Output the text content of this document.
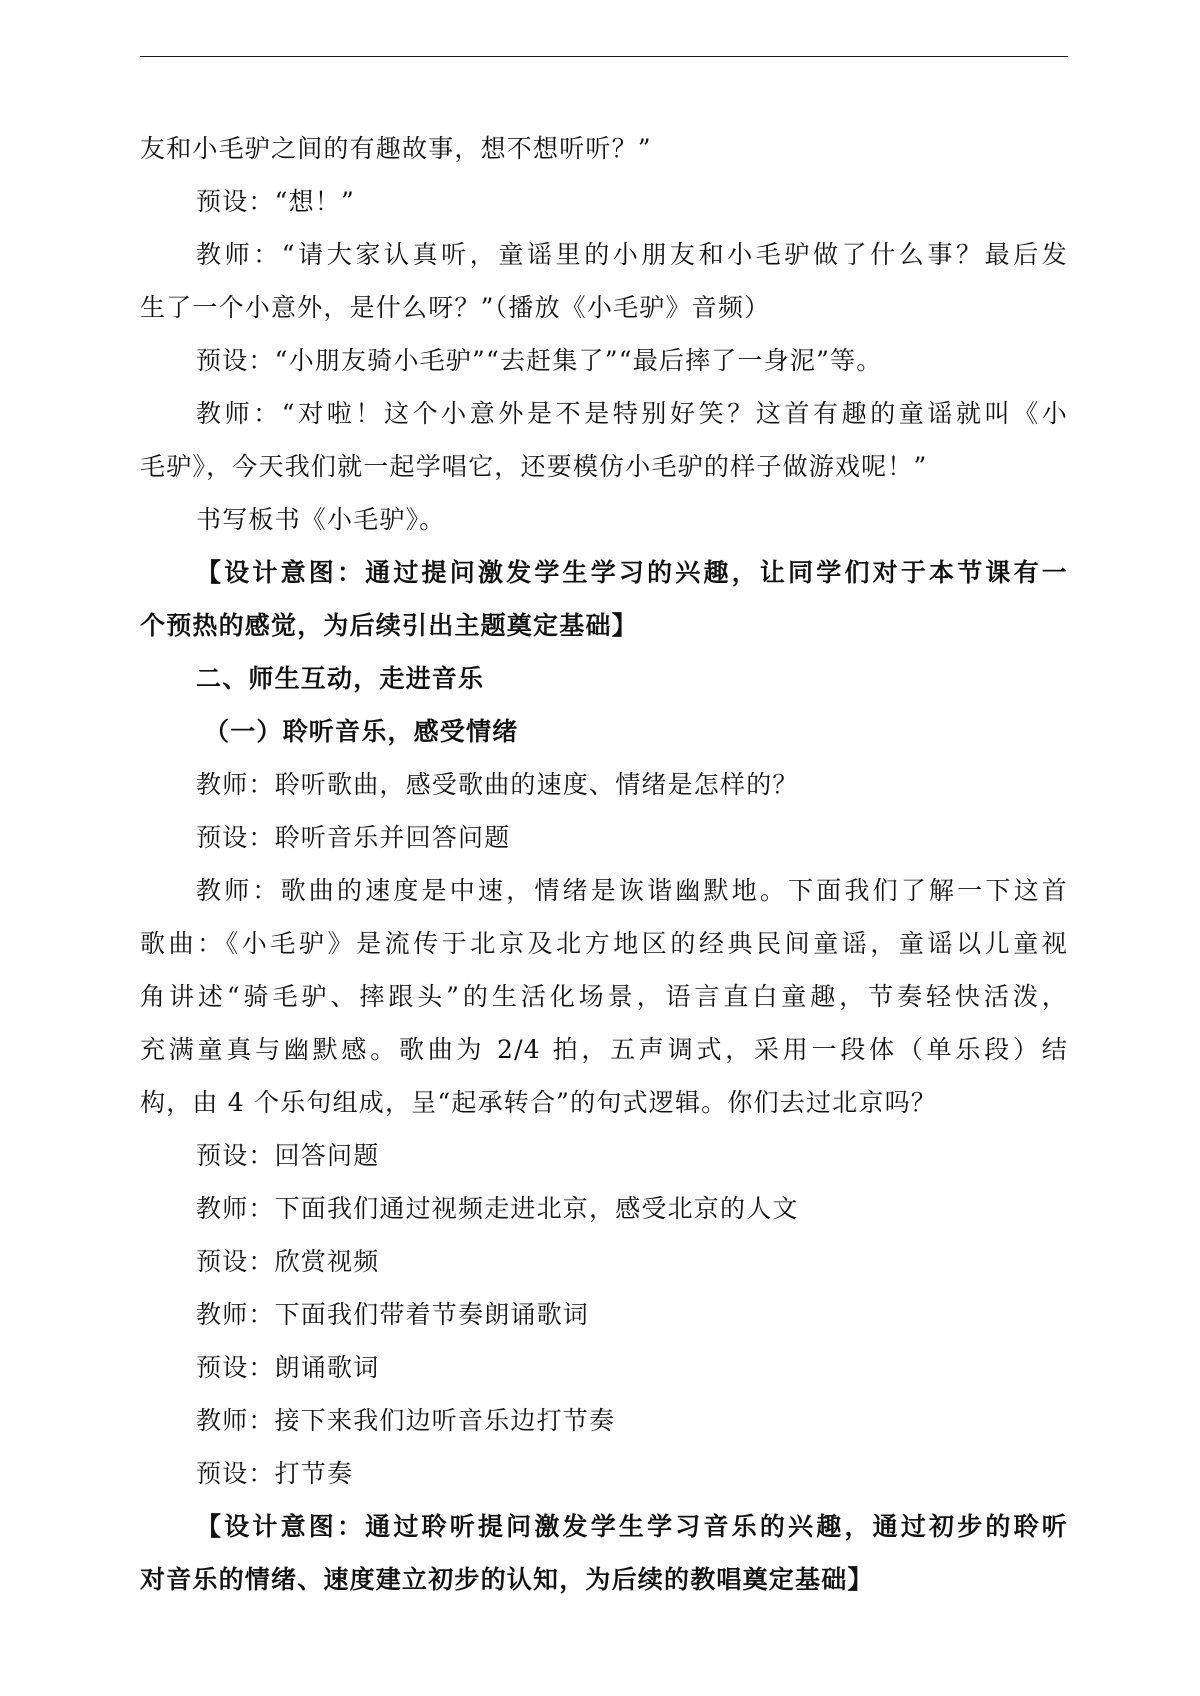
友和小毛驴之间的有趣故事，想不想听听？”
预设：“想！”
教师：“请大家认真听，童谣里的小朋友和小毛驴做了什么事？最后发
生了一个小意外，是什么呀？”（播放《小毛驴》音频）
预设：“小朋友骑小毛驴”“去赶集了”“最后摔了一身泥”等。
教师：“对啦！这个小意外是不是特别好笑？这首有趣的童谣就叫《小
毛驴》，今天我们就一起学唱它，还要模仿小毛驴的样子做游戏呢！”
书写板书《小毛驴》。
【设计意图：通过提问激发学生学习的兴趣，让同学们对于本节课有一
个预热的感觉，为后续引出主题奠定基础】
二、师生互动，走进音乐
（一）聆听音乐，感受情绪
教师：聆听歌曲，感受歌曲的速度、情绪是怎样的？
预设：聆听音乐并回答问题
教师：歌曲的速度是中速，情绪是诙谐幽默地。下面我们了解一下这首
歌曲：《小毛驴》是流传于北京及北方地区的经典民间童谣，童谣以儿童视
角讲述“骑毛驴、摔跟头”的生活化场景，语言直白童趣，节奏轻快活泼，
充满童真与幽默感。歌曲为 2/4 拍，五声调式，采用一段体（单乐段）结
构，由 4 个乐句组成，呈“起承转合”的句式逻辑。你们去过北京吗？
预设：回答问题
教师：下面我们通过视频走进北京，感受北京的人文
预设：欣赏视频
教师：下面我们带着节奏朗诵歌词
预设：朗诵歌词
教师：接下来我们边听音乐边打节奏
预设：打节奏
【设计意图：通过聆听提问激发学生学习音乐的兴趣，通过初步的聆听
对音乐的情绪、速度建立初步的认知，为后续的教唱奠定基础】
